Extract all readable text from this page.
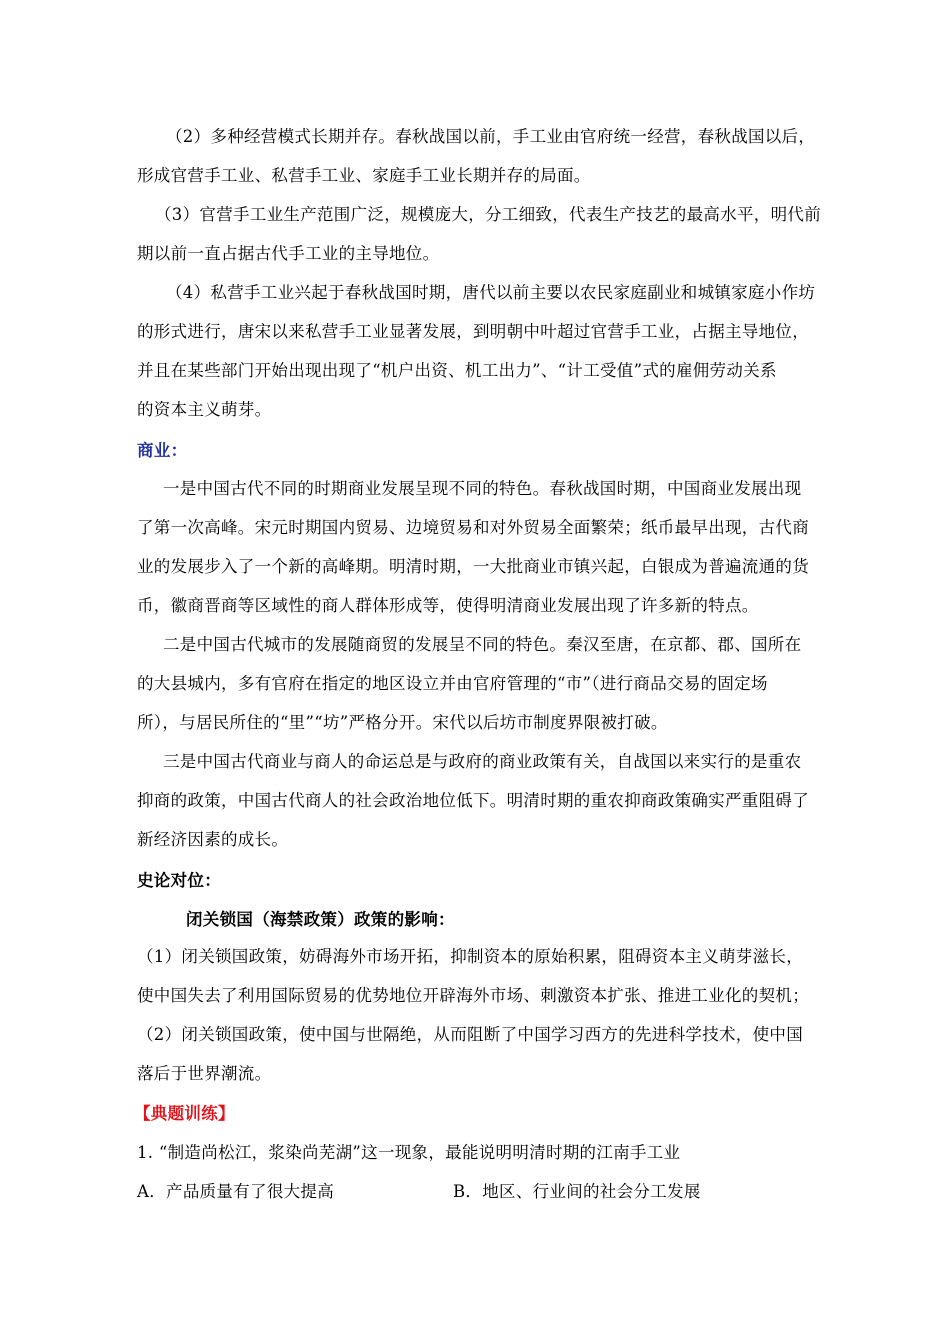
（2）多种经营模式长期并存。春秋战国以前，手工业由官府统一经营，春秋战国以后，
形成官营手工业、私营手工业、家庭手工业长期并存的局面。
（3）官营手工业生产范围广泛，规模庞大，分工细致，代表生产技艺的最高水平，明代前
期以前一直占据古代手工业的主导地位。
（4）私营手工业兴起于春秋战国时期，唐代以前主要以农民家庭副业和城镇家庭小作坊
的形式进行，唐宋以来私营手工业显著发展，到明朝中叶超过官营手工业，占据主导地位，
并且在某些部门开始出现出现了“机户出资、机工出力”、“计工受值”式的雇佣劳动关系
的资本主义萌芽。
商业：
一是中国古代不同的时期商业发展呈现不同的特色。春秋战国时期，中国商业发展出现
了第一次高峰。宋元时期国内贸易、边境贸易和对外贸易全面繁荣；纸币最早出现，古代商
业的发展步入了一个新的高峰期。明清时期，一大批商业市镇兴起，白银成为普遍流通的货
币，徽商晋商等区域性的商人群体形成等，使得明清商业发展出现了许多新的特点。
二是中国古代城市的发展随商贸的发展呈不同的特色。秦汉至唐，在京都、郡、国所在
的大县城内，多有官府在指定的地区设立并由官府管理的“市”（进行商品交易的固定场
所），与居民所住的“里”“坊”严格分开。宋代以后坊市制度界限被打破。
三是中国古代商业与商人的命运总是与政府的商业政策有关，自战国以来实行的是重农
抑商的政策，中国古代商人的社会政治地位低下。明清时期的重农抑商政策确实严重阻碍了
新经济因素的成长。
史论对位：
闭关锁国（海禁政策）政策的影响：
（1）闭关锁国政策，妨碍海外市场开拓，抑制资本的原始积累，阻碍资本主义萌芽滋长，
使中国失去了利用国际贸易的优势地位开辟海外市场、刺激资本扩张、推进工业化的契机；
（2）闭关锁国政策，使中国与世隔绝，从而阻断了中国学习西方的先进科学技术，使中国
落后于世界潮流。
【典题训练】
1. “制造尚松江，浆染尚芜湖”这一现象，最能说明明清时期的江南手工业
A．产品质量有了很大提高	B．地区、行业间的社会分工发展
